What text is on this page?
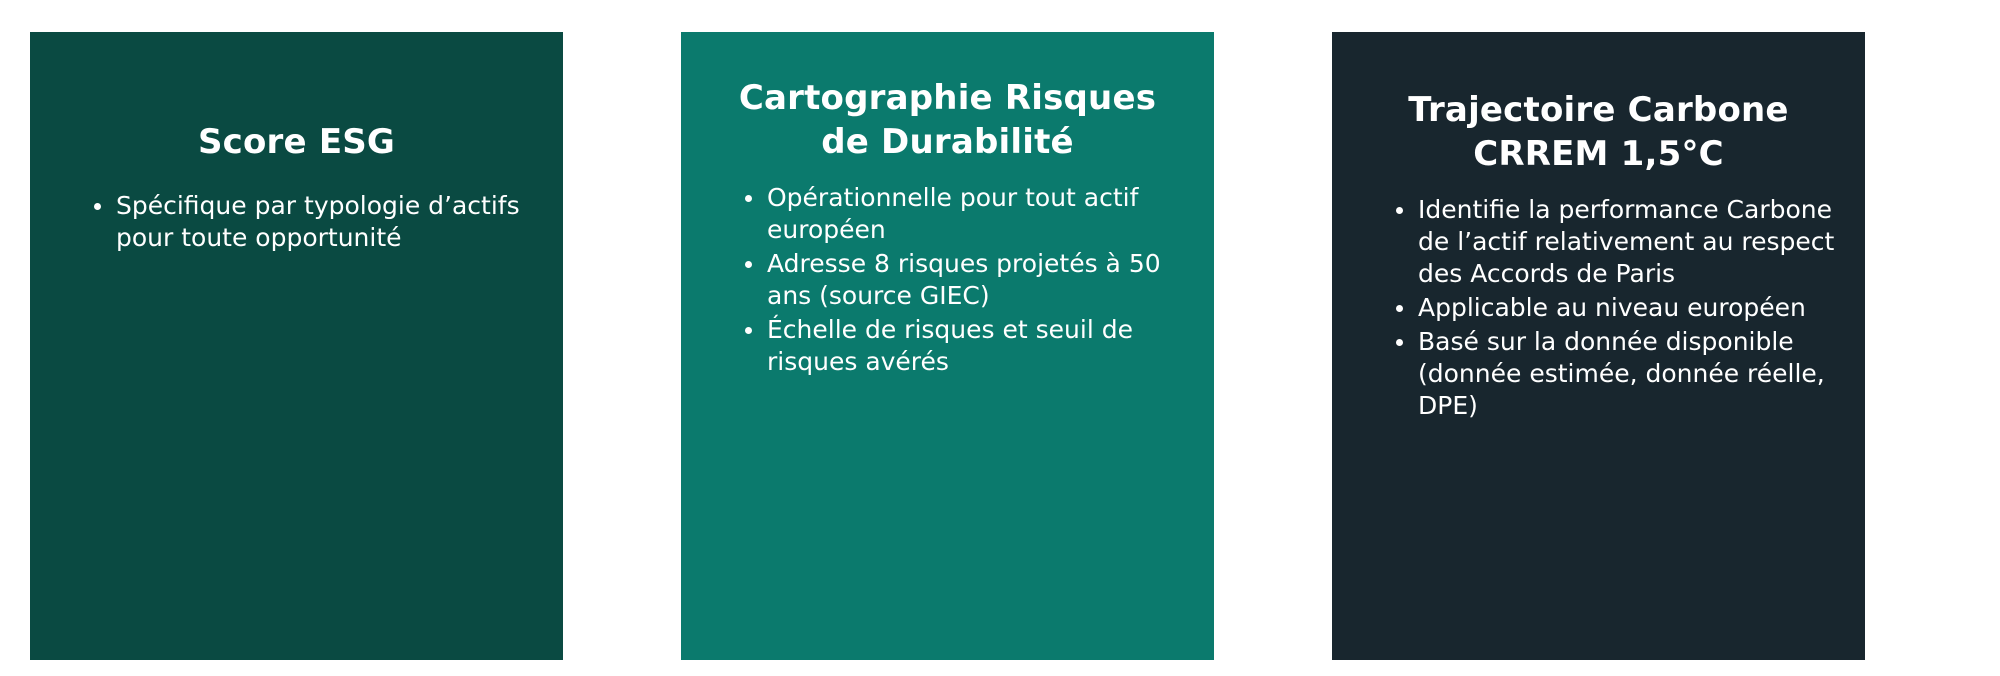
Score ESG
Spécifique par typologie d’actifs pour toute opportunité
Cartographie Risques de Durabilité
Opérationnelle pour tout actif européen
Adresse 8 risques projetés à 50 ans (source GIEC)
Échelle de risques et seuil de risques avérés
Trajectoire Carbone CRREM 1,5°C
Identifie la performance Carbone de l’actif relativement au respect des Accords de Paris
Applicable au niveau européen
Basé sur la donnée disponible (donnée estimée, donnée réelle, DPE)
